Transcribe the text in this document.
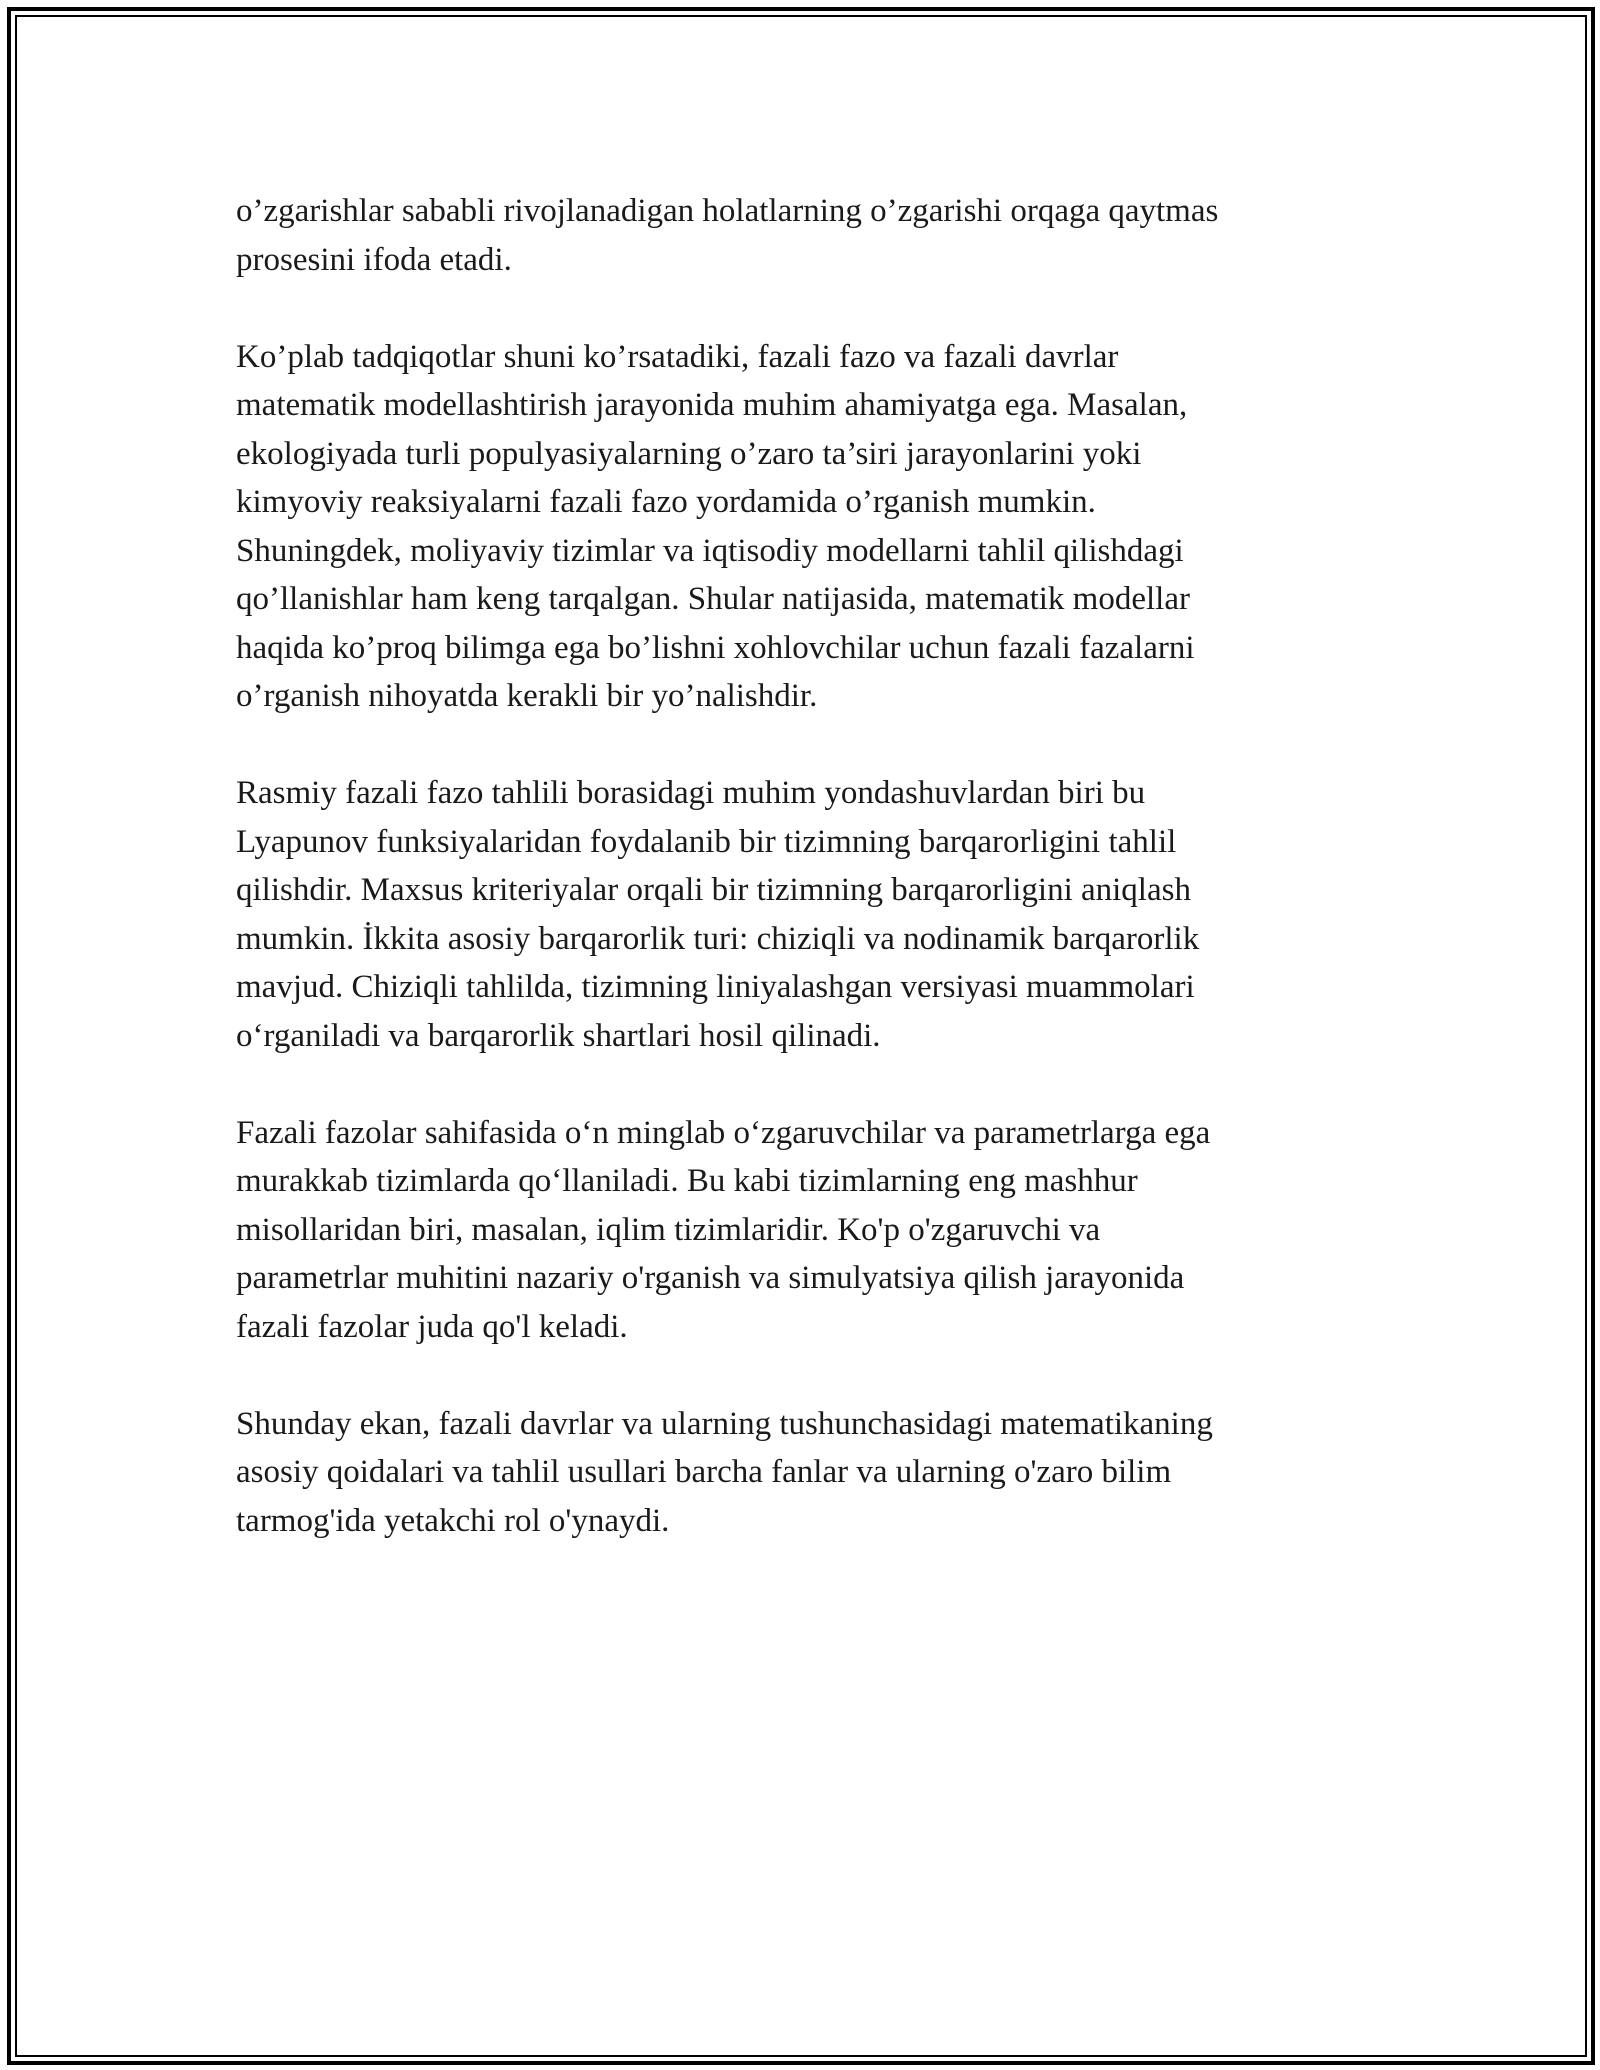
o’zgarishlar sababli rivojlanadigan holatlarning o’zgarishi orqaga qaytmas
prosesini ifoda etadi.

Ko’plab tadqiqotlar shuni ko’rsatadiki, fazali fazo va fazali davrlar
matematik modellashtirish jarayonida muhim ahamiyatga ega. Masalan,
ekologiyada turli populyasiyalarning o’zaro ta’siri jarayonlarini yoki
kimyoviy reaksiyalarni fazali fazo yordamida o’rganish mumkin.
Shuningdek, moliyaviy tizimlar va iqtisodiy modellarni tahlil qilishdagi
qo’llanishlar ham keng tarqalgan. Shular natijasida, matematik modellar
haqida ko’proq bilimga ega bo’lishni xohlovchilar uchun fazali fazalarni
o’rganish nihoyatda kerakli bir yo’nalishdir.

Rasmiy fazali fazo tahlili borasidagi muhim yondashuvlardan biri bu
Lyapunov funksiyalaridan foydalanib bir tizimning barqarorligini tahlil
qilishdir. Maxsus kriteriyalar orqali bir tizimning barqarorligini aniqlash
mumkin. İkkita asosiy barqarorlik turi: chiziqli va nodinamik barqarorlik
mavjud. Chiziqli tahlilda, tizimning liniyalashgan versiyasi muammolari
o‘rganiladi va barqarorlik shartlari hosil qilinadi.

Fazali fazolar sahifasida o‘n minglab o‘zgaruvchilar va parametrlarga ega
murakkab tizimlarda qo‘llaniladi. Bu kabi tizimlarning eng mashhur
misollaridan biri, masalan, iqlim tizimlaridir. Ko'p o'zgaruvchi va
parametrlar muhitini nazariy o'rganish va simulyatsiya qilish jarayonida
fazali fazolar juda qo'l keladi.

Shunday ekan, fazali davrlar va ularning tushunchasidagi matematikaning
asosiy qoidalari va tahlil usullari barcha fanlar va ularning o'zaro bilim
tarmog'ida yetakchi rol o'ynaydi.
